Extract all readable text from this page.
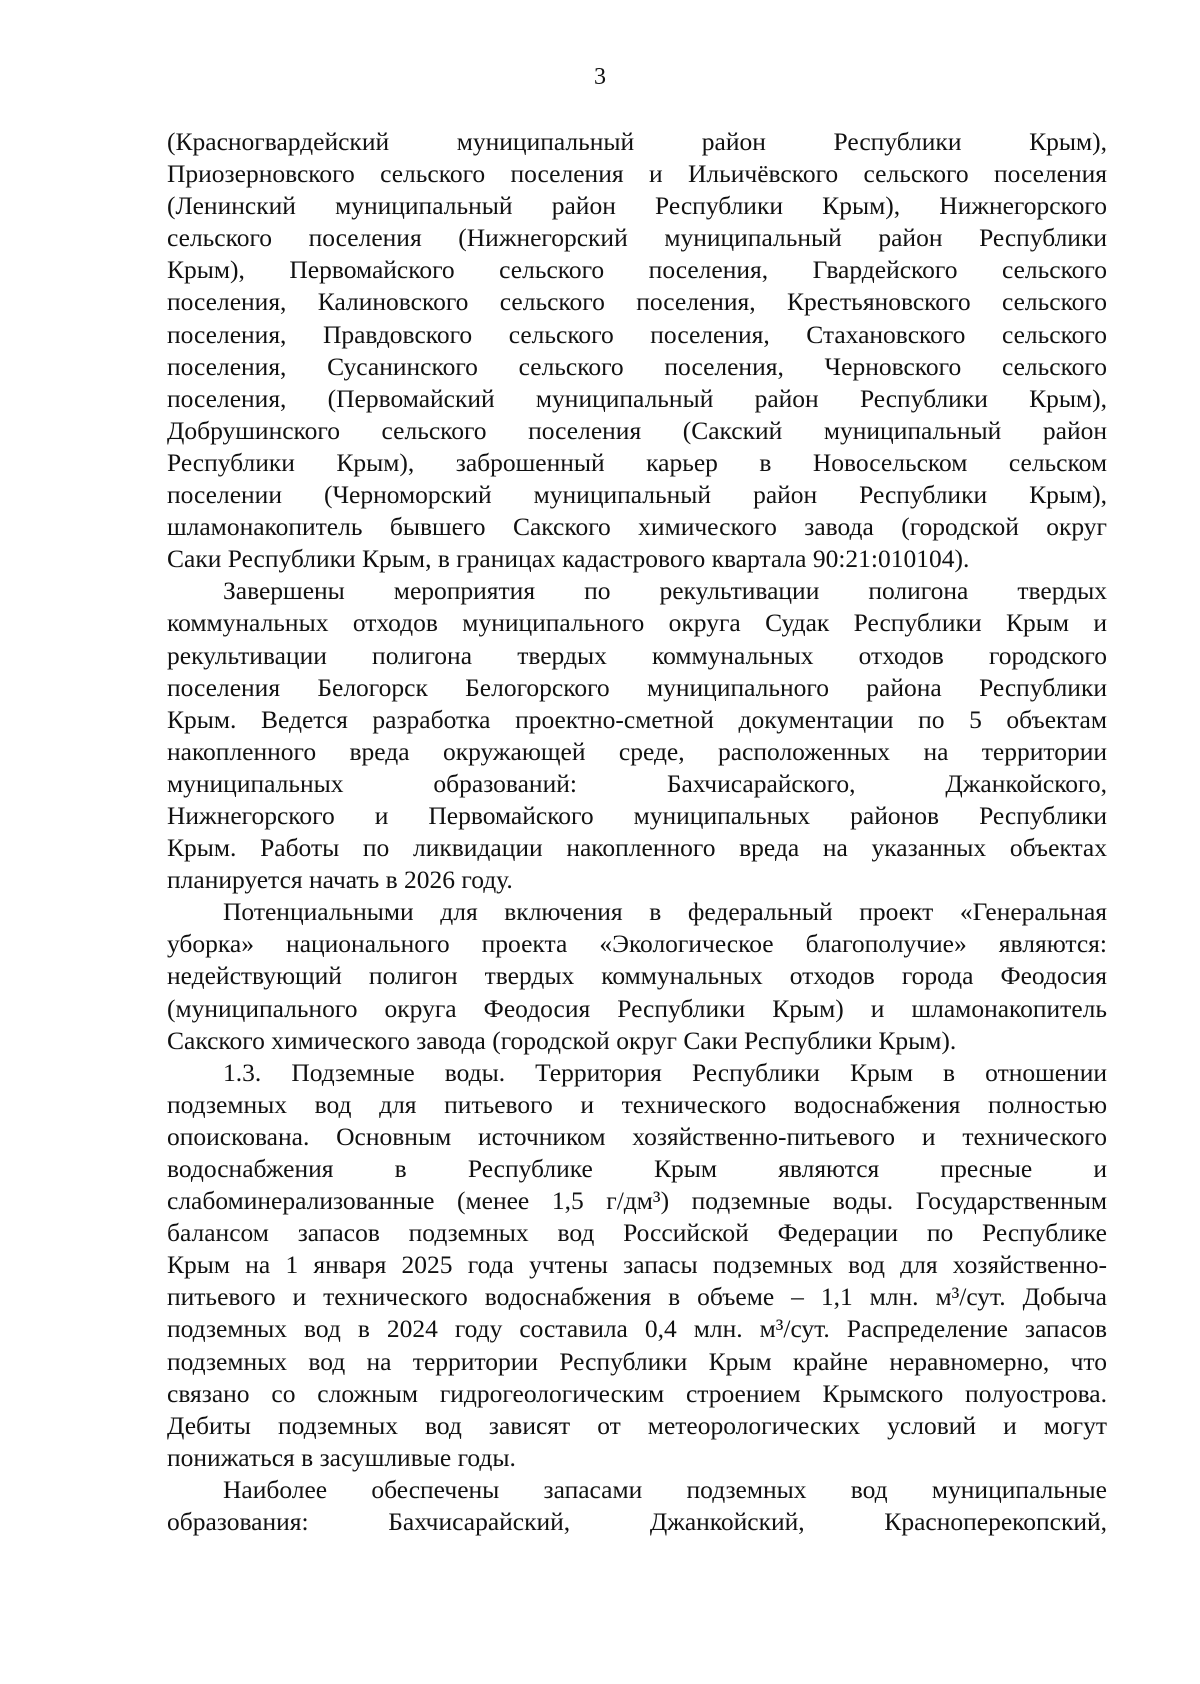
3
(Красногвардейский муниципальный район Республики Крым),
Приозерновского сельского поселения и Ильичёвского сельского поселения
(Ленинский муниципальный район Республики Крым), Нижнегорского
сельского поселения (Нижнегорский муниципальный район Республики
Крым), Первомайского сельского поселения, Гвардейского сельского
поселения, Калиновского сельского поселения, Крестьяновского сельского
поселения, Правдовского сельского поселения, Стахановского сельского
поселения, Сусанинского сельского поселения, Черновского сельского
поселения, (Первомайский муниципальный район Республики Крым),
Добрушинского сельского поселения (Сакский муниципальный район
Республики Крым), заброшенный карьер в Новосельском сельском
поселении (Черноморский муниципальный район Республики Крым),
шламонакопитель бывшего Сакского химического завода (городской округ
Саки Республики Крым, в границах кадастрового квартала 90:21:010104).
Завершены мероприятия по рекультивации полигона твердых
коммунальных отходов муниципального округа Судак Республики Крым и
рекультивации полигона твердых коммунальных отходов городского
поселения Белогорск Белогорского муниципального района Республики
Крым. Ведется разработка проектно-сметной документации по 5 объектам
накопленного вреда окружающей среде, расположенных на территории
муниципальных образований: Бахчисарайского, Джанкойского,
Нижнегорского и Первомайского муниципальных районов Республики
Крым. Работы по ликвидации накопленного вреда на указанных объектах
планируется начать в 2026 году.
Потенциальными для включения в федеральный проект «Генеральная
уборка» национального проекта «Экологическое благополучие» являются:
недействующий полигон твердых коммунальных отходов города Феодосия
(муниципального округа Феодосия Республики Крым) и шламонакопитель
Сакского химического завода (городской округ Саки Республики Крым).
1.3. Подземные воды. Территория Республики Крым в отношении
подземных вод для питьевого и технического водоснабжения полностью
опоискована. Основным источником хозяйственно-питьевого и технического
водоснабжения в Республике Крым являются пресные и
слабоминерализованные (менее 1,5 г/дм³) подземные воды. Государственным
балансом запасов подземных вод Российской Федерации по Республике
Крым на 1 января 2025 года учтены запасы подземных вод для хозяйственно-
питьевого и технического водоснабжения в объеме – 1,1 млн. м³/сут. Добыча
подземных вод в 2024 году составила 0,4 млн. м³/сут. Распределение запасов
подземных вод на территории Республики Крым крайне неравномерно, что
связано со сложным гидрогеологическим строением Крымского полуострова.
Дебиты подземных вод зависят от метеорологических условий и могут
понижаться в засушливые годы.
Наиболее обеспечены запасами подземных вод муниципальные
образования: Бахчисарайский, Джанкойский, Красноперекопский,
